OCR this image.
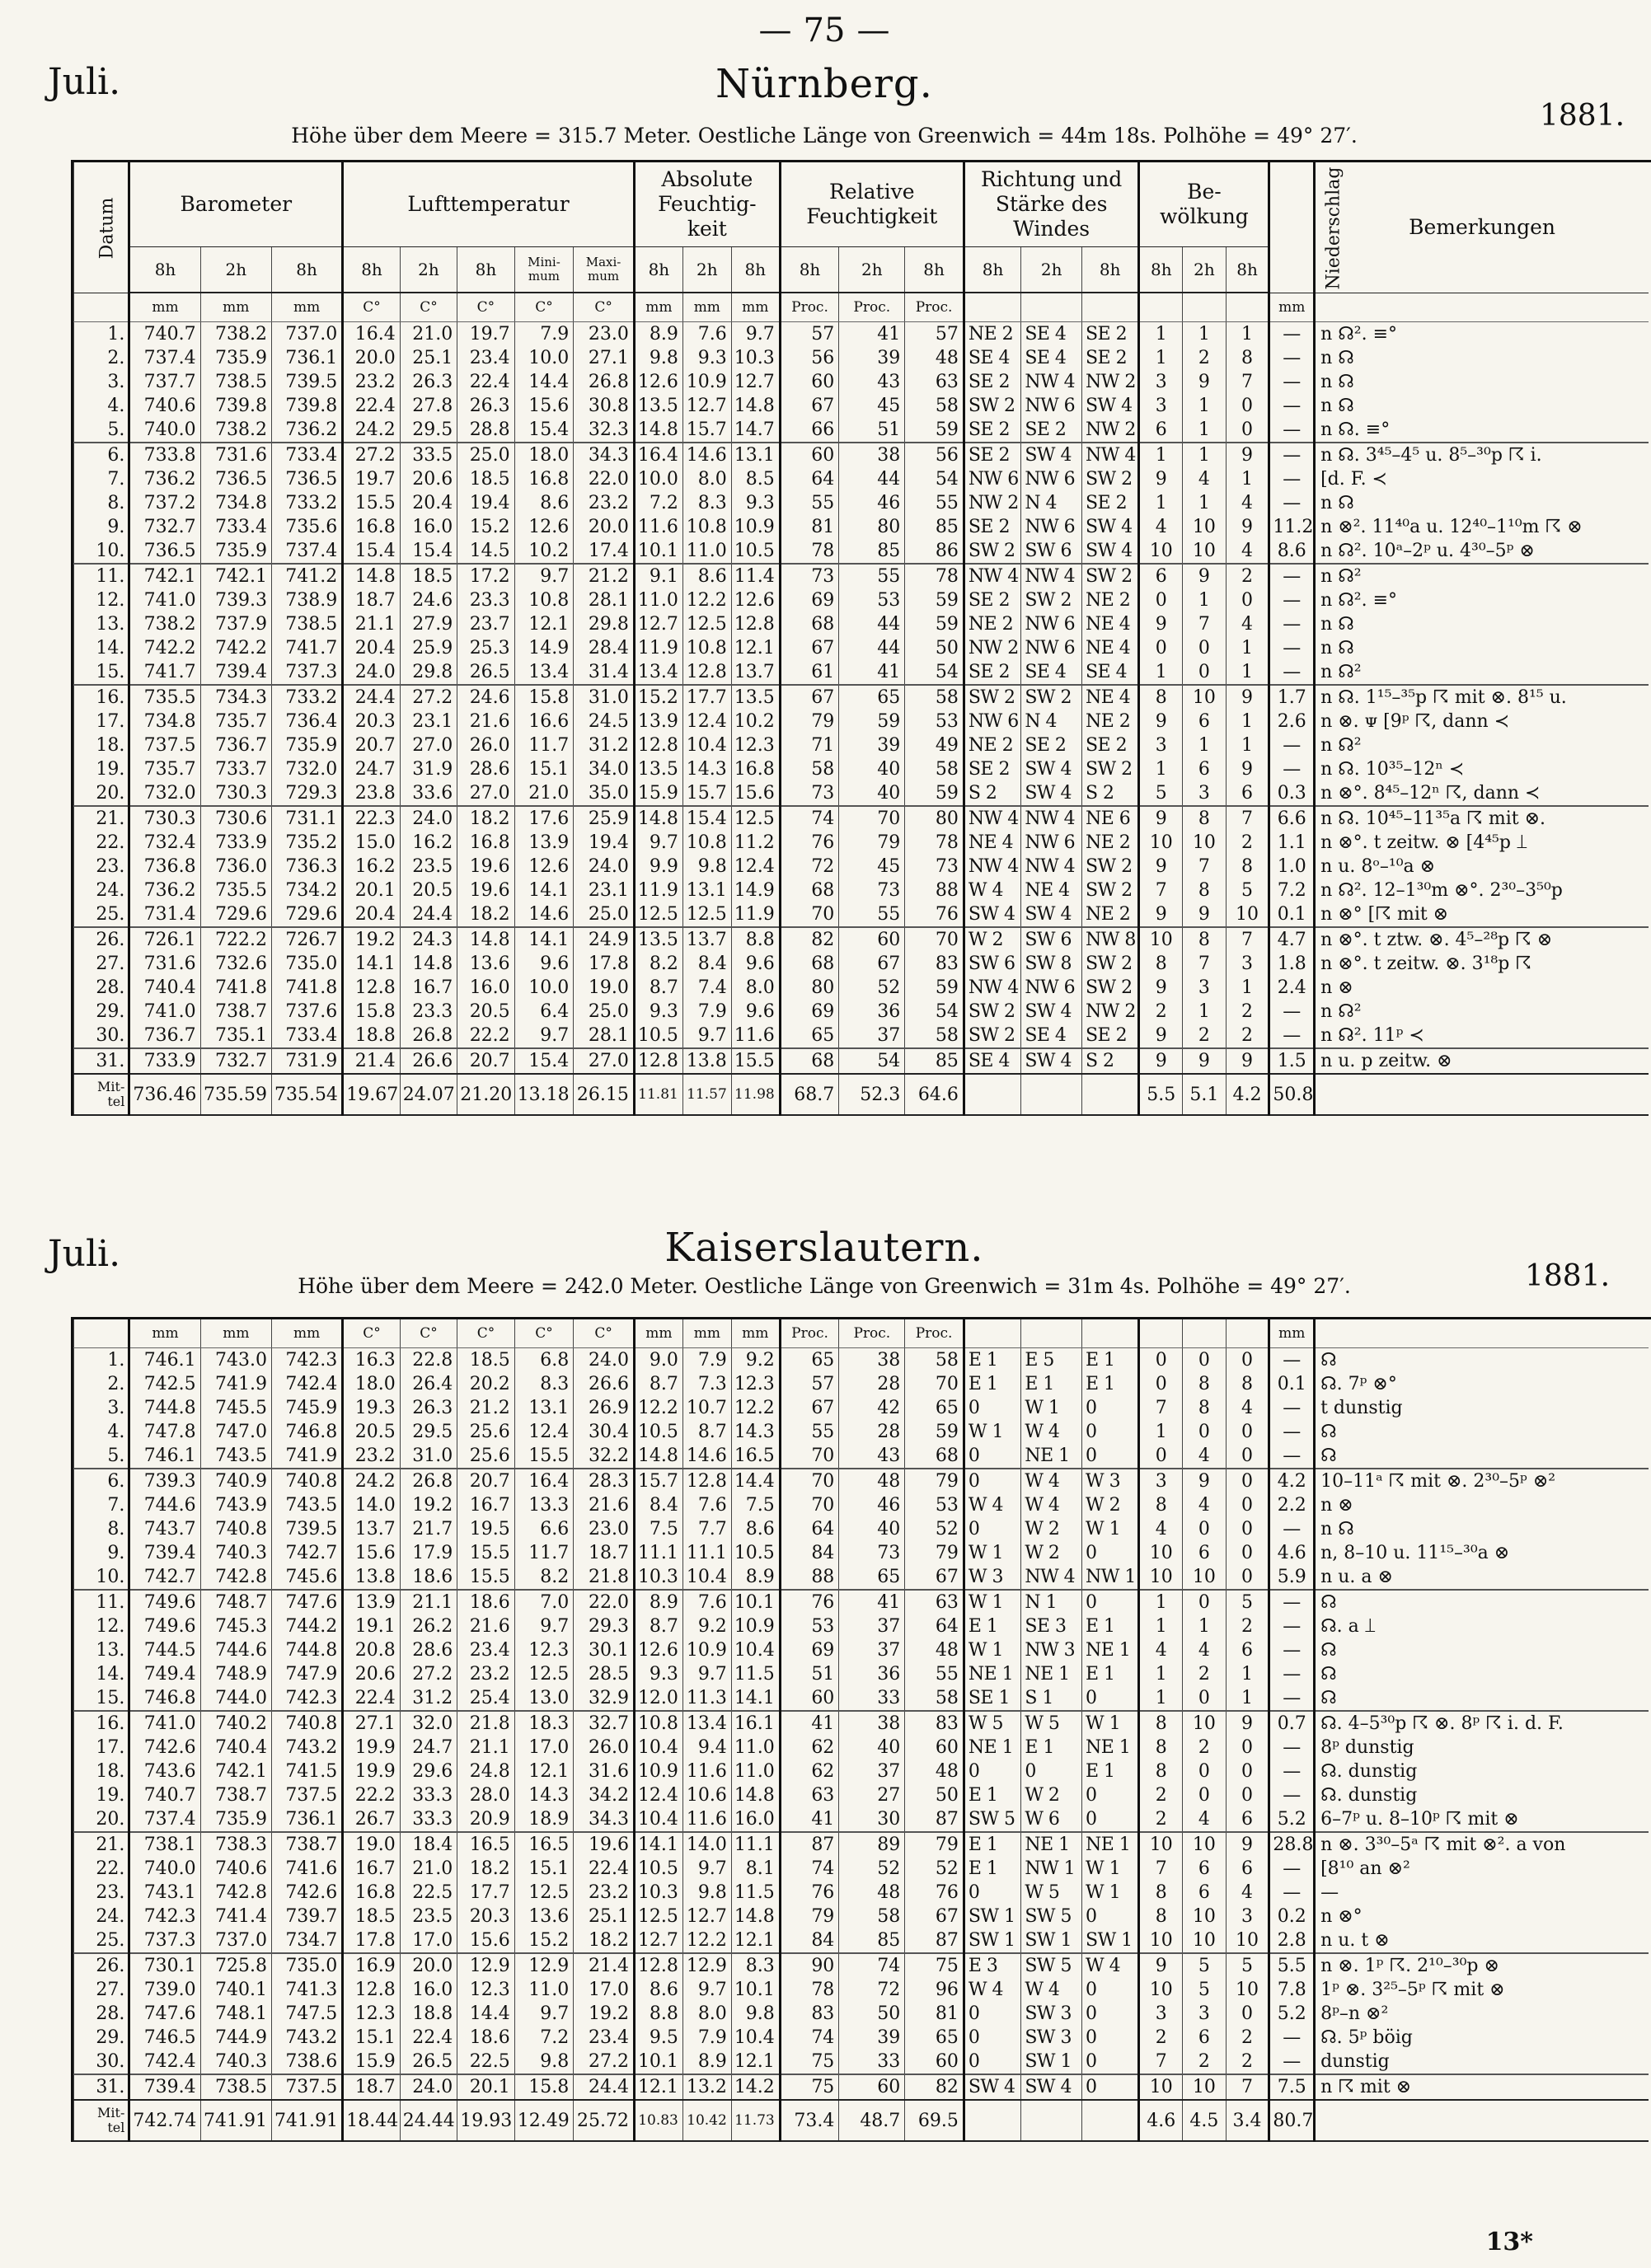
— 75 —
Juli.	Nürnberg.
1881.
Höhe über dem Meere = 315.7 Meter. Oestliche Länge von Greenwich = 44m 18s. Polhöhe = 49° 27′.
Datum	Barometer			Lufttemperatur					Absolute Feuchtig- keit			Relative Feuchtigkeit			Richtung und Stärke des Windes			Be- wölkung			Niederschlag	Bemerkungen
	8h	2h	8h	8h	2h	8h	Mini- mum	Maxi- mum	8h	2h	8h	8h	2h	8h	8h	2h	8h	8h	2h	8h		
	mm	mm	mm	C°	C°	C°	C°	C°	mm	mm	mm	Proc.	Proc.	Proc.							mm	
1.	740.7	738.2	737.0	16.4	21.0	19.7	7.9	23.0	8.9	7.6	9.7	57	41	57	NE 2	SE 4	SE 2	1	1	1	—	n ☊². ≡°
2.	737.4	735.9	736.1	20.0	25.1	23.4	10.0	27.1	9.8	9.3	10.3	56	39	48	SE 4	SE 4	SE 2	1	2	8	—	n ☊
3.	737.7	738.5	739.5	23.2	26.3	22.4	14.4	26.8	12.6	10.9	12.7	60	43	63	SE 2	NW 4	NW 2	3	9	7	—	n ☊
4.	740.6	739.8	739.8	22.4	27.8	26.3	15.6	30.8	13.5	12.7	14.8	67	45	58	SW 2	NW 6	SW 4	3	1	0	—	n ☊
5.	740.0	738.2	736.2	24.2	29.5	28.8	15.4	32.3	14.8	15.7	14.7	66	51	59	SE 2	SE 2	NW 2	6	1	0	—	n ☊. ≡°
6.	733.8	731.6	733.4	27.2	33.5	25.0	18.0	34.3	16.4	14.6	13.1	60	38	56	SE 2	SW 4	NW 4	1	1	9	—	n ☊. 3⁴⁵–4⁵ u. 8⁵–³⁰p ☈ i.
7.	736.2	736.5	736.5	19.7	20.6	18.5	16.8	22.0	10.0	8.0	8.5	64	44	54	NW 6	NW 6	SW 2	9	4	1	—	[d. F. ≺
8.	737.2	734.8	733.2	15.5	20.4	19.4	8.6	23.2	7.2	8.3	9.3	55	46	55	NW 2	N 4	SE 2	1	1	4	—	n ☊
9.	732.7	733.4	735.6	16.8	16.0	15.2	12.6	20.0	11.6	10.8	10.9	81	80	85	SE 2	NW 6	SW 4	4	10	9	11.2	n ⊗². 11⁴⁰a u. 12⁴⁰–1¹⁰m ☈ ⊗
10.	736.5	735.9	737.4	15.4	15.4	14.5	10.2	17.4	10.1	11.0	10.5	78	85	86	SW 2	SW 6	SW 4	10	10	4	8.6	n ☊². 10ᵃ–2ᵖ u. 4³⁰–5ᵖ ⊗
11.	742.1	742.1	741.2	14.8	18.5	17.2	9.7	21.2	9.1	8.6	11.4	73	55	78	NW 4	NW 4	SW 2	6	9	2	—	n ☊²
12.	741.0	739.3	738.9	18.7	24.6	23.3	10.8	28.1	11.0	12.2	12.6	69	53	59	SE 2	SW 2	NE 2	0	1	0	—	n ☊². ≡°
13.	738.2	737.9	738.5	21.1	27.9	23.7	12.1	29.8	12.7	12.5	12.8	68	44	59	NE 2	NW 6	NE 4	9	7	4	—	n ☊
14.	742.2	742.2	741.7	20.4	25.9	25.3	14.9	28.4	11.9	10.8	12.1	67	44	50	NW 2	NW 6	NE 4	0	0	1	—	n ☊
15.	741.7	739.4	737.3	24.0	29.8	26.5	13.4	31.4	13.4	12.8	13.7	61	41	54	SE 2	SE 4	SE 4	1	0	1	—	n ☊²
16.	735.5	734.3	733.2	24.4	27.2	24.6	15.8	31.0	15.2	17.7	13.5	67	65	58	SW 2	SW 2	NE 4	8	10	9	1.7	n ☊. 1¹⁵–³⁵p ☈ mit ⊗. 8¹⁵ u.
17.	734.8	735.7	736.4	20.3	23.1	21.6	16.6	24.5	13.9	12.4	10.2	79	59	53	NW 6	N 4	NE 2	9	6	1	2.6	n ⊗. ᴪ [9ᵖ ☈, dann ≺
18.	737.5	736.7	735.9	20.7	27.0	26.0	11.7	31.2	12.8	10.4	12.3	71	39	49	NE 2	SE 2	SE 2	3	1	1	—	n ☊²
19.	735.7	733.7	732.0	24.7	31.9	28.6	15.1	34.0	13.5	14.3	16.8	58	40	58	SE 2	SW 4	SW 2	1	6	9	—	n ☊. 10³⁵–12ⁿ ≺
20.	732.0	730.3	729.3	23.8	33.6	27.0	21.0	35.0	15.9	15.7	15.6	73	40	59	S 2	SW 4	S 2	5	3	6	0.3	n ⊗°. 8⁴⁵–12ⁿ ☈, dann ≺
21.	730.3	730.6	731.1	22.3	24.0	18.2	17.6	25.9	14.8	15.4	12.5	74	70	80	NW 4	NW 4	NE 6	9	8	7	6.6	n ☊. 10⁴⁵–11³⁵a ☈ mit ⊗.
22.	732.4	733.9	735.2	15.0	16.2	16.8	13.9	19.4	9.7	10.8	11.2	76	79	78	NE 4	NW 6	NE 2	10	10	2	1.1	n ⊗°. t zeitw. ⊗ [4⁴⁵p ⟘
23.	736.8	736.0	736.3	16.2	23.5	19.6	12.6	24.0	9.9	9.8	12.4	72	45	73	NW 4	NW 4	SW 2	9	7	8	1.0	n u. 8ᵒ–¹⁰a ⊗
24.	736.2	735.5	734.2	20.1	20.5	19.6	14.1	23.1	11.9	13.1	14.9	68	73	88	W 4	NE 4	SW 2	7	8	5	7.2	n ☊². 12–1³⁰m ⊗°. 2³⁰–3⁵⁰p
25.	731.4	729.6	729.6	20.4	24.4	18.2	14.6	25.0	12.5	12.5	11.9	70	55	76	SW 4	SW 4	NE 2	9	9	10	0.1	n ⊗° [☈ mit ⊗
26.	726.1	722.2	726.7	19.2	24.3	14.8	14.1	24.9	13.5	13.7	8.8	82	60	70	W 2	SW 6	NW 8	10	8	7	4.7	n ⊗°. t ztw. ⊗. 4⁵–²⁸p ☈ ⊗
27.	731.6	732.6	735.0	14.1	14.8	13.6	9.6	17.8	8.2	8.4	9.6	68	67	83	SW 6	SW 8	SW 2	8	7	3	1.8	n ⊗°. t zeitw. ⊗. 3¹⁸p ☈
28.	740.4	741.8	741.8	12.8	16.7	16.0	10.0	19.0	8.7	7.4	8.0	80	52	59	NW 4	NW 6	SW 2	9	3	1	2.4	n ⊗
29.	741.0	738.7	737.6	15.8	23.3	20.5	6.4	25.0	9.3	7.9	9.6	69	36	54	SW 2	SW 4	NW 2	2	1	2	—	n ☊²
30.	736.7	735.1	733.4	18.8	26.8	22.2	9.7	28.1	10.5	9.7	11.6	65	37	58	SW 2	SE 4	SE 2	9	2	2	—	n ☊². 11ᵖ ≺
31.	733.9	732.7	731.9	21.4	26.6	20.7	15.4	27.0	12.8	13.8	15.5	68	54	85	SE 4	SW 4	S 2	9	9	9	1.5	n u. p zeitw. ⊗
Mit- tel	736.46	735.59	735.54	19.67	24.07	21.20	13.18	26.15	11.81	11.57	11.98	68.7	52.3	64.6				5.5	5.1	4.2	50.8	
Juli.	Kaiserslautern.
1881.
Höhe über dem Meere = 242.0 Meter. Oestliche Länge von Greenwich = 31m 4s. Polhöhe = 49° 27′.
	mm	mm	mm	C°	C°	C°	C°	C°	mm	mm	mm	Proc.	Proc.	Proc.							mm	
1.	746.1	743.0	742.3	16.3	22.8	18.5	6.8	24.0	9.0	7.9	9.2	65	38	58	E 1	E 5	E 1	0	0	0	—	☊
2.	742.5	741.9	742.4	18.0	26.4	20.2	8.3	26.6	8.7	7.3	12.3	57	28	70	E 1	E 1	E 1	0	8	8	0.1	☊. 7ᵖ ⊗°
3.	744.8	745.5	745.9	19.3	26.3	21.2	13.1	26.9	12.2	10.7	12.2	67	42	65	0	W 1	0	7	8	4	—	t dunstig
4.	747.8	747.0	746.8	20.5	29.5	25.6	12.4	30.4	10.5	8.7	14.3	55	28	59	W 1	W 4	0	1	0	0	—	☊
5.	746.1	743.5	741.9	23.2	31.0	25.6	15.5	32.2	14.8	14.6	16.5	70	43	68	0	NE 1	0	0	4	0	—	☊
6.	739.3	740.9	740.8	24.2	26.8	20.7	16.4	28.3	15.7	12.8	14.4	70	48	79	0	W 4	W 3	3	9	0	4.2	10–11ᵃ ☈ mit ⊗. 2³⁰–5ᵖ ⊗²
7.	744.6	743.9	743.5	14.0	19.2	16.7	13.3	21.6	8.4	7.6	7.5	70	46	53	W 4	W 4	W 2	8	4	0	2.2	n ⊗
8.	743.7	740.8	739.5	13.7	21.7	19.5	6.6	23.0	7.5	7.7	8.6	64	40	52	0	W 2	W 1	4	0	0	—	n ☊
9.	739.4	740.3	742.7	15.6	17.9	15.5	11.7	18.7	11.1	11.1	10.5	84	73	79	W 1	W 2	0	10	6	0	4.6	n, 8–10 u. 11¹⁵–³⁰a ⊗
10.	742.7	742.8	745.6	13.8	18.6	15.5	8.2	21.8	10.3	10.4	8.9	88	65	67	W 3	NW 4	NW 1	10	10	0	5.9	n u. a ⊗
11.	749.6	748.7	747.6	13.9	21.1	18.6	7.0	22.0	8.9	7.6	10.1	76	41	63	W 1	N 1	0	1	0	5	—	☊
12.	749.6	745.3	744.2	19.1	26.2	21.6	9.7	29.3	8.7	9.2	10.9	53	37	64	E 1	SE 3	E 1	1	1	2	—	☊. a ⟘
13.	744.5	744.6	744.8	20.8	28.6	23.4	12.3	30.1	12.6	10.9	10.4	69	37	48	W 1	NW 3	NE 1	4	4	6	—	☊
14.	749.4	748.9	747.9	20.6	27.2	23.2	12.5	28.5	9.3	9.7	11.5	51	36	55	NE 1	NE 1	E 1	1	2	1	—	☊
15.	746.8	744.0	742.3	22.4	31.2	25.4	13.0	32.9	12.0	11.3	14.1	60	33	58	SE 1	S 1	0	1	0	1	—	☊
16.	741.0	740.2	740.8	27.1	32.0	21.8	18.3	32.7	10.8	13.4	16.1	41	38	83	W 5	W 5	W 1	8	10	9	0.7	☊. 4–5³⁰p ☈ ⊗. 8ᵖ ☈ i. d. F.
17.	742.6	740.4	743.2	19.9	24.7	21.1	17.0	26.0	10.4	9.4	11.0	62	40	60	NE 1	E 1	NE 1	8	2	0	—	8ᵖ dunstig
18.	743.6	742.1	741.5	19.9	29.6	24.8	12.1	31.6	10.9	11.6	11.0	62	37	48	0	0	E 1	8	0	0	—	☊. dunstig
19.	740.7	738.7	737.5	22.2	33.3	28.0	14.3	34.2	12.4	10.6	14.8	63	27	50	E 1	W 2	0	2	0	0	—	☊. dunstig
20.	737.4	735.9	736.1	26.7	33.3	20.9	18.9	34.3	10.4	11.6	16.0	41	30	87	SW 5	W 6	0	2	4	6	5.2	6–7ᵖ u. 8–10ᵖ ☈ mit ⊗
21.	738.1	738.3	738.7	19.0	18.4	16.5	16.5	19.6	14.1	14.0	11.1	87	89	79	E 1	NE 1	NE 1	10	10	9	28.8	n ⊗. 3³⁰–5ᵃ ☈ mit ⊗². a von
22.	740.0	740.6	741.6	16.7	21.0	18.2	15.1	22.4	10.5	9.7	8.1	74	52	52	E 1	NW 1	W 1	7	6	6	—	[8¹⁰ an ⊗²
23.	743.1	742.8	742.6	16.8	22.5	17.7	12.5	23.2	10.3	9.8	11.5	76	48	76	0	W 5	W 1	8	6	4	—	—
24.	742.3	741.4	739.7	18.5	23.5	20.3	13.6	25.1	12.5	12.7	14.8	79	58	67	SW 1	SW 5	0	8	10	3	0.2	n ⊗°
25.	737.3	737.0	734.7	17.8	17.0	15.6	15.2	18.2	12.7	12.2	12.1	84	85	87	SW 1	SW 1	SW 1	10	10	10	2.8	n u. t ⊗
26.	730.1	725.8	735.0	16.9	20.0	12.9	12.9	21.4	12.8	12.9	8.3	90	74	75	E 3	SW 5	W 4	9	5	5	5.5	n ⊗. 1ᵖ ☈. 2¹⁰–³⁰p ⊗
27.	739.0	740.1	741.3	12.8	16.0	12.3	11.0	17.0	8.6	9.7	10.1	78	72	96	W 4	W 4	0	10	5	10	7.8	1ᵖ ⊗. 3²⁵–5ᵖ ☈ mit ⊗
28.	747.6	748.1	747.5	12.3	18.8	14.4	9.7	19.2	8.8	8.0	9.8	83	50	81	0	SW 3	0	3	3	0	5.2	8ᵖ–n ⊗²
29.	746.5	744.9	743.2	15.1	22.4	18.6	7.2	23.4	9.5	7.9	10.4	74	39	65	0	SW 3	0	2	6	2	—	☊. 5ᵖ böig
30.	742.4	740.3	738.6	15.9	26.5	22.5	9.8	27.2	10.1	8.9	12.1	75	33	60	0	SW 1	0	7	2	2	—	dunstig
31.	739.4	738.5	737.5	18.7	24.0	20.1	15.8	24.4	12.1	13.2	14.2	75	60	82	SW 4	SW 4	0	10	10	7	7.5	n ☈ mit ⊗
Mit- tel	742.74	741.91	741.91	18.44	24.44	19.93	12.49	25.72	10.83	10.42	11.73	73.4	48.7	69.5				4.6	4.5	3.4	80.7	
13*
